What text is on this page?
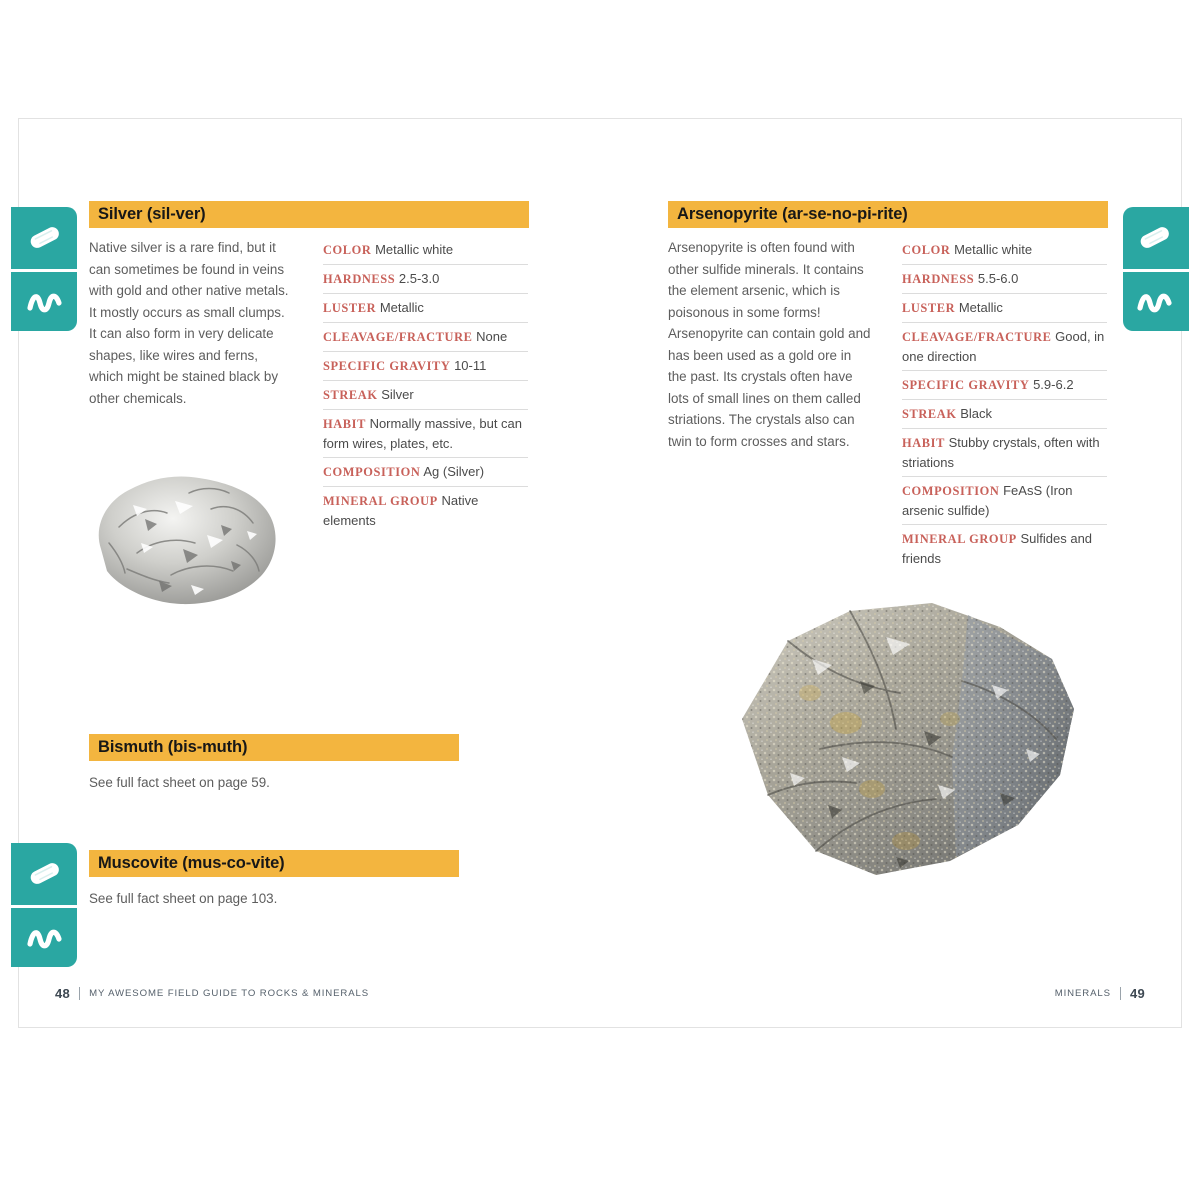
Silver (sil-ver)
Native silver is a rare find, but it can sometimes be found in veins with gold and other native metals. It mostly occurs as small clumps. It can also form in very delicate shapes, like wires and ferns, which might be stained black by other chemicals.
COLOR Metallic white
HARDNESS 2.5-3.0
LUSTER Metallic
CLEAVAGE/FRACTURE None
SPECIFIC GRAVITY 10-11
STREAK Silver
HABIT Normally massive, but can form wires, plates, etc.
COMPOSITION Ag (Silver)
MINERAL GROUP Native elements
Bismuth (bis-muth)
See full fact sheet on page 59.
Muscovite (mus-co-vite)
See full fact sheet on page 103.
48 MY AWESOME FIELD GUIDE TO ROCKS & MINERALS
Arsenopyrite (ar-se-no-pi-rite)
Arsenopyrite is often found with other sulfide minerals. It contains the element arsenic, which is poisonous in some forms! Arsenopyrite can contain gold and has been used as a gold ore in the past. Its crystals often have lots of small lines on them called striations. The crystals also can twin to form crosses and stars.
COLOR Metallic white
HARDNESS 5.5-6.0
LUSTER Metallic
CLEAVAGE/FRACTURE Good, in one direction
SPECIFIC GRAVITY 5.9-6.2
STREAK Black
HABIT Stubby crystals, often with striations
COMPOSITION FeAsS (Iron arsenic sulfide)
MINERAL GROUP Sulfides and friends
MINERALS 49
